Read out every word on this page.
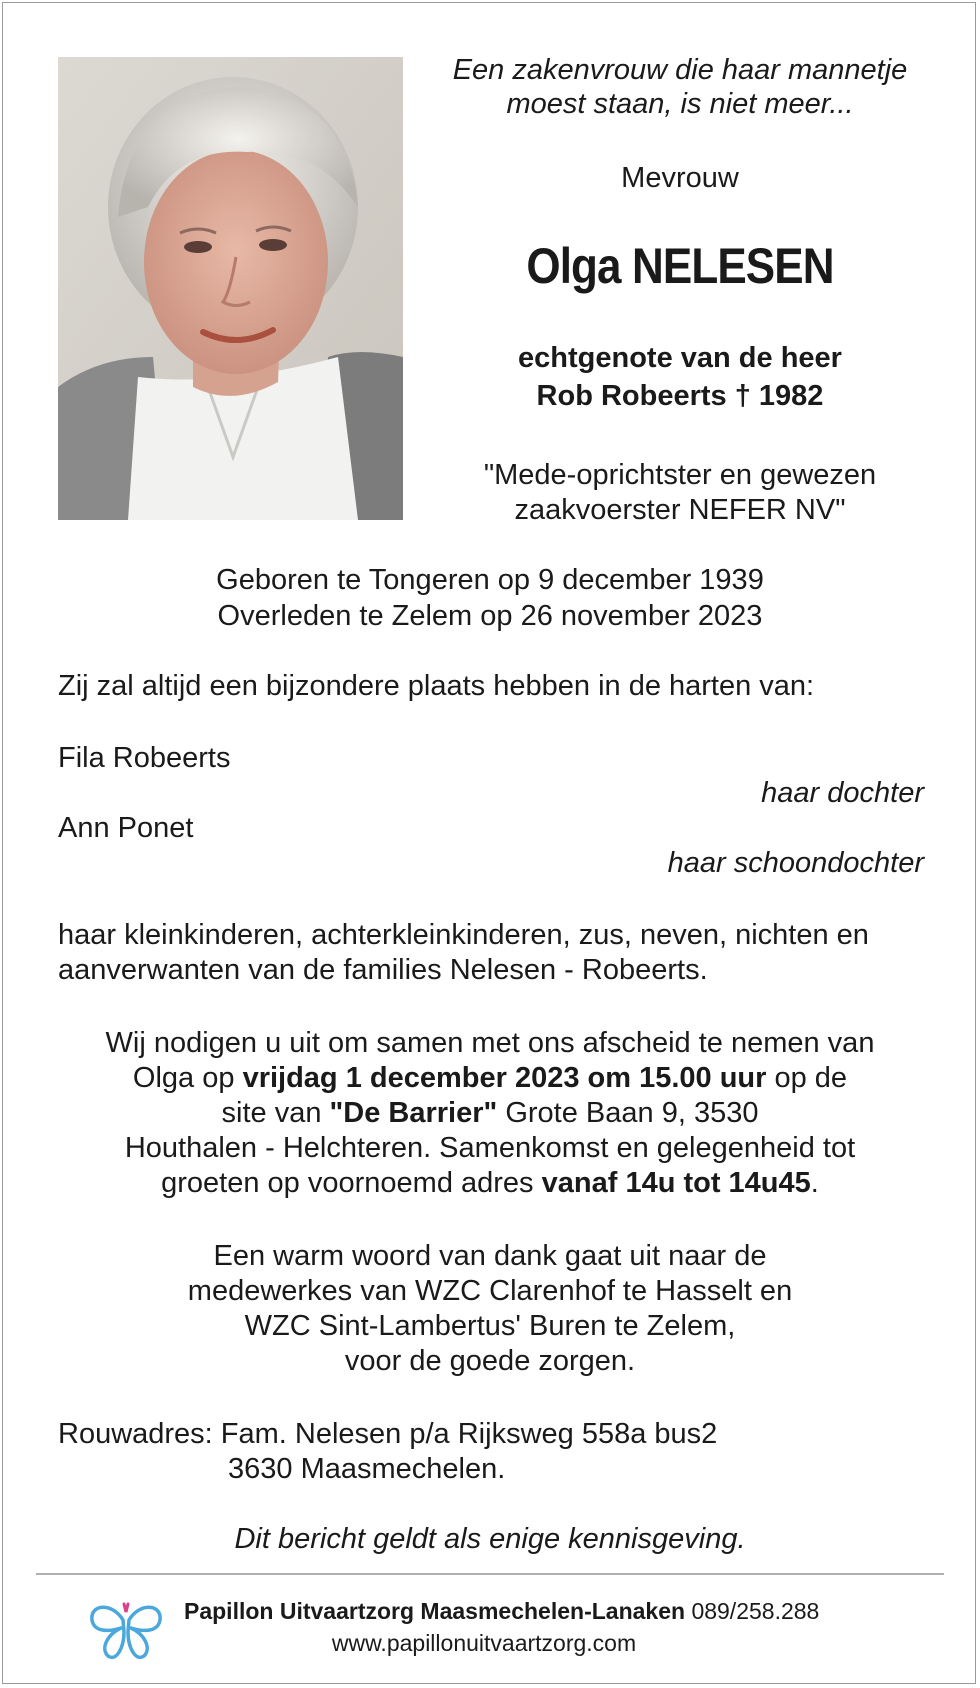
Een zakenvrouw die haar mannetje
moest staan, is niet meer...
Mevrouw
Olga NELESEN
echtgenote van de heer
Rob Robeerts † 1982
"Mede-oprichtster en gewezen
zaakvoerster NEFER NV"
Geboren te Tongeren op 9 december 1939
Overleden te Zelem op 26 november 2023
Zij zal altijd een bijzondere plaats hebben in de harten van:
Fila Robeerts
haar dochter
Ann Ponet
haar schoondochter
haar kleinkinderen, achterkleinkinderen, zus, neven, nichten en
aanverwanten van de families Nelesen - Robeerts.
Wij nodigen u uit om samen met ons afscheid te nemen van
Olga op vrijdag 1 december 2023 om 15.00 uur op de
site van "De Barrier" Grote Baan 9, 3530
Houthalen - Helchteren. Samenkomst en gelegenheid tot
groeten op voornoemd adres vanaf 14u tot 14u45.
Een warm woord van dank gaat uit naar de
medewerkes van WZC Clarenhof te Hasselt en
WZC Sint-Lambertus' Buren te Zelem,
voor de goede zorgen.
Rouwadres: Fam. Nelesen p/a Rijksweg 558a bus2
3630 Maasmechelen.
Dit bericht geldt als enige kennisgeving.
Papillon Uitvaartzorg Maasmechelen-Lanaken 089/258.288
www.papillonuitvaartzorg.com
